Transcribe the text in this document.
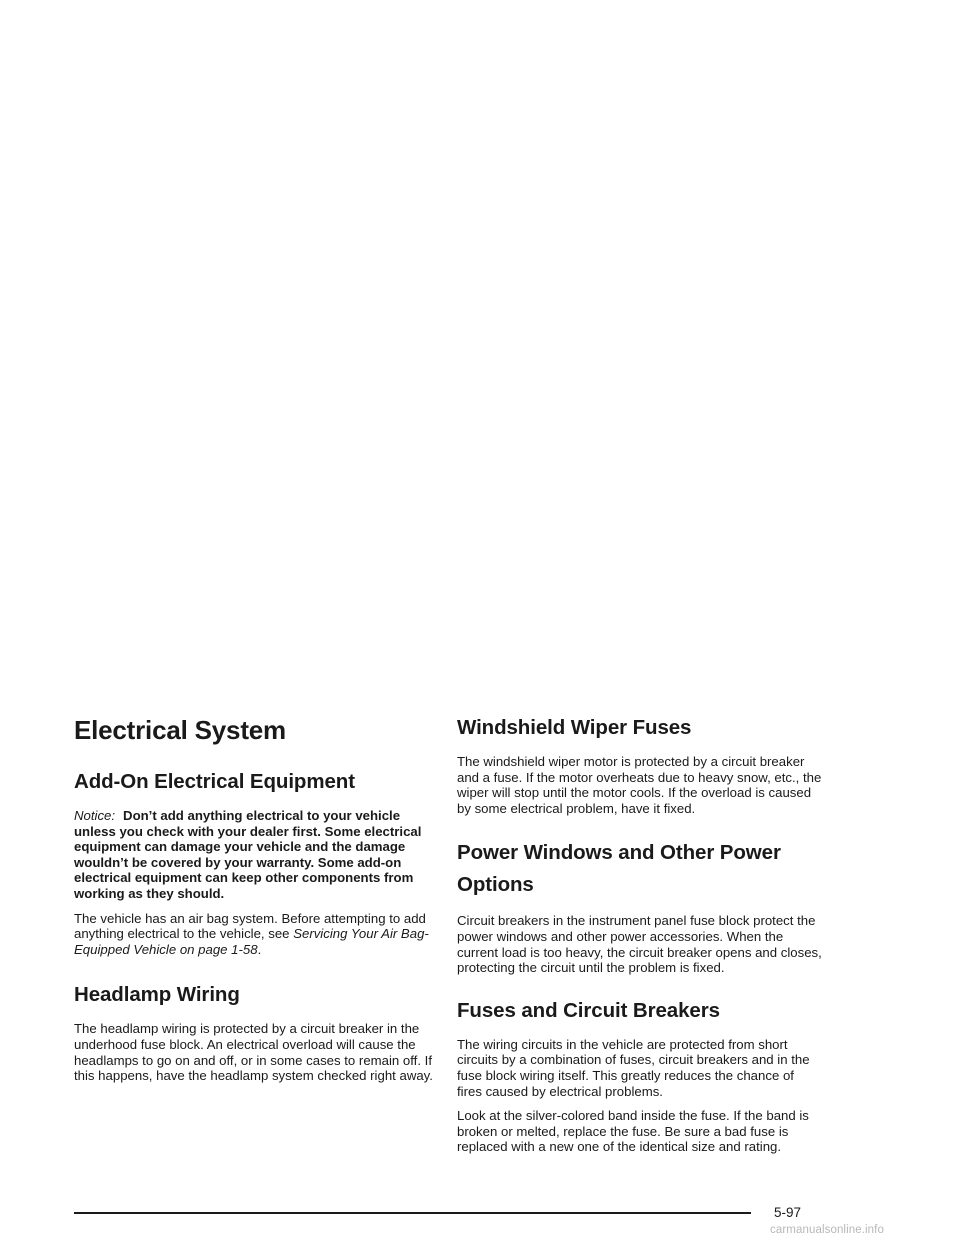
Electrical System
Add-On Electrical Equipment

Notice: Don’t add anything electrical to your vehicle unless you check with your dealer first. Some electrical equipment can damage your vehicle and the damage wouldn’t be covered by your warranty. Some add-on electrical equipment can keep other components from working as they should.

The vehicle has an air bag system. Before attempting to add anything electrical to the vehicle, see Servicing Your Air Bag-Equipped Vehicle on page 1-58.

Headlamp Wiring

The headlamp wiring is protected by a circuit breaker in the underhood fuse block. An electrical overload will cause the headlamps to go on and off, or in some cases to remain off. If this happens, have the headlamp system checked right away.

Windshield Wiper Fuses

The windshield wiper motor is protected by a circuit breaker and a fuse. If the motor overheats due to heavy snow, etc., the wiper will stop until the motor cools. If the overload is caused by some electrical problem, have it fixed.

Power Windows and Other Power Options

Circuit breakers in the instrument panel fuse block protect the power windows and other power accessories. When the current load is too heavy, the circuit breaker opens and closes, protecting the circuit until the problem is fixed.

Fuses and Circuit Breakers

The wiring circuits in the vehicle are protected from short circuits by a combination of fuses, circuit breakers and in the fuse block wiring itself. This greatly reduces the chance of fires caused by electrical problems.

Look at the silver-colored band inside the fuse. If the band is broken or melted, replace the fuse. Be sure a bad fuse is replaced with a new one of the identical size and rating.

5-97
carmanualsonline.info
